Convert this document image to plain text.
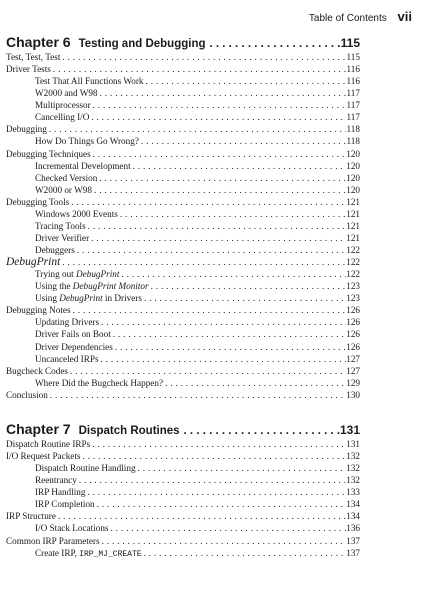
Table of Contents vii
Chapter 6 Testing and Debugging . . .	115
Test, Test, Test . . .	115
Driver Tests . . .	116
Test That All Functions Work . . .	116
W2000 and W98 . . .	117
Multiprocessor . . .	117
Cancelling I/O . . .	117
Debugging . . .	118
How Do Things Go Wrong? . . .	118
Debugging Techniques . . .	120
Incremental Development . . .	120
Checked Version . . .	120
W2000 or W98 . . .	120
Debugging Tools . . .	121
Windows 2000 Events . . .	121
Tracing Tools . . .	121
Driver Verifier . . .	121
Debuggers . . .	122
DebugPrint . . .	122
Trying out DebugPrint . . .	122
Using the DebugPrint Monitor . . .	123
Using DebugPrint in Drivers . . .	123
Debugging Notes . . .	126
Updating Drivers . . .	126
Driver Fails on Boot . . .	126
Driver Dependencies . . .	126
Uncanceled IRPs . . .	127
Bugcheck Codes . . .	127
Where Did the Bugcheck Happen? . . .	129
Conclusion . . .	130
Chapter 7 Dispatch Routines . . .	131
Dispatch Routine IRPs . . .	131
I/O Request Packets . . .	132
Dispatch Routine Handling . . .	132
Reentrancy . . .	132
IRP Handling . . .	133
IRP Completion . . .	134
IRP Structure . . .	134
I/O Stack Locations . . .	136
Common IRP Parameters . . .	137
Create IRP, IRP_MJ_CREATE . . .	137
